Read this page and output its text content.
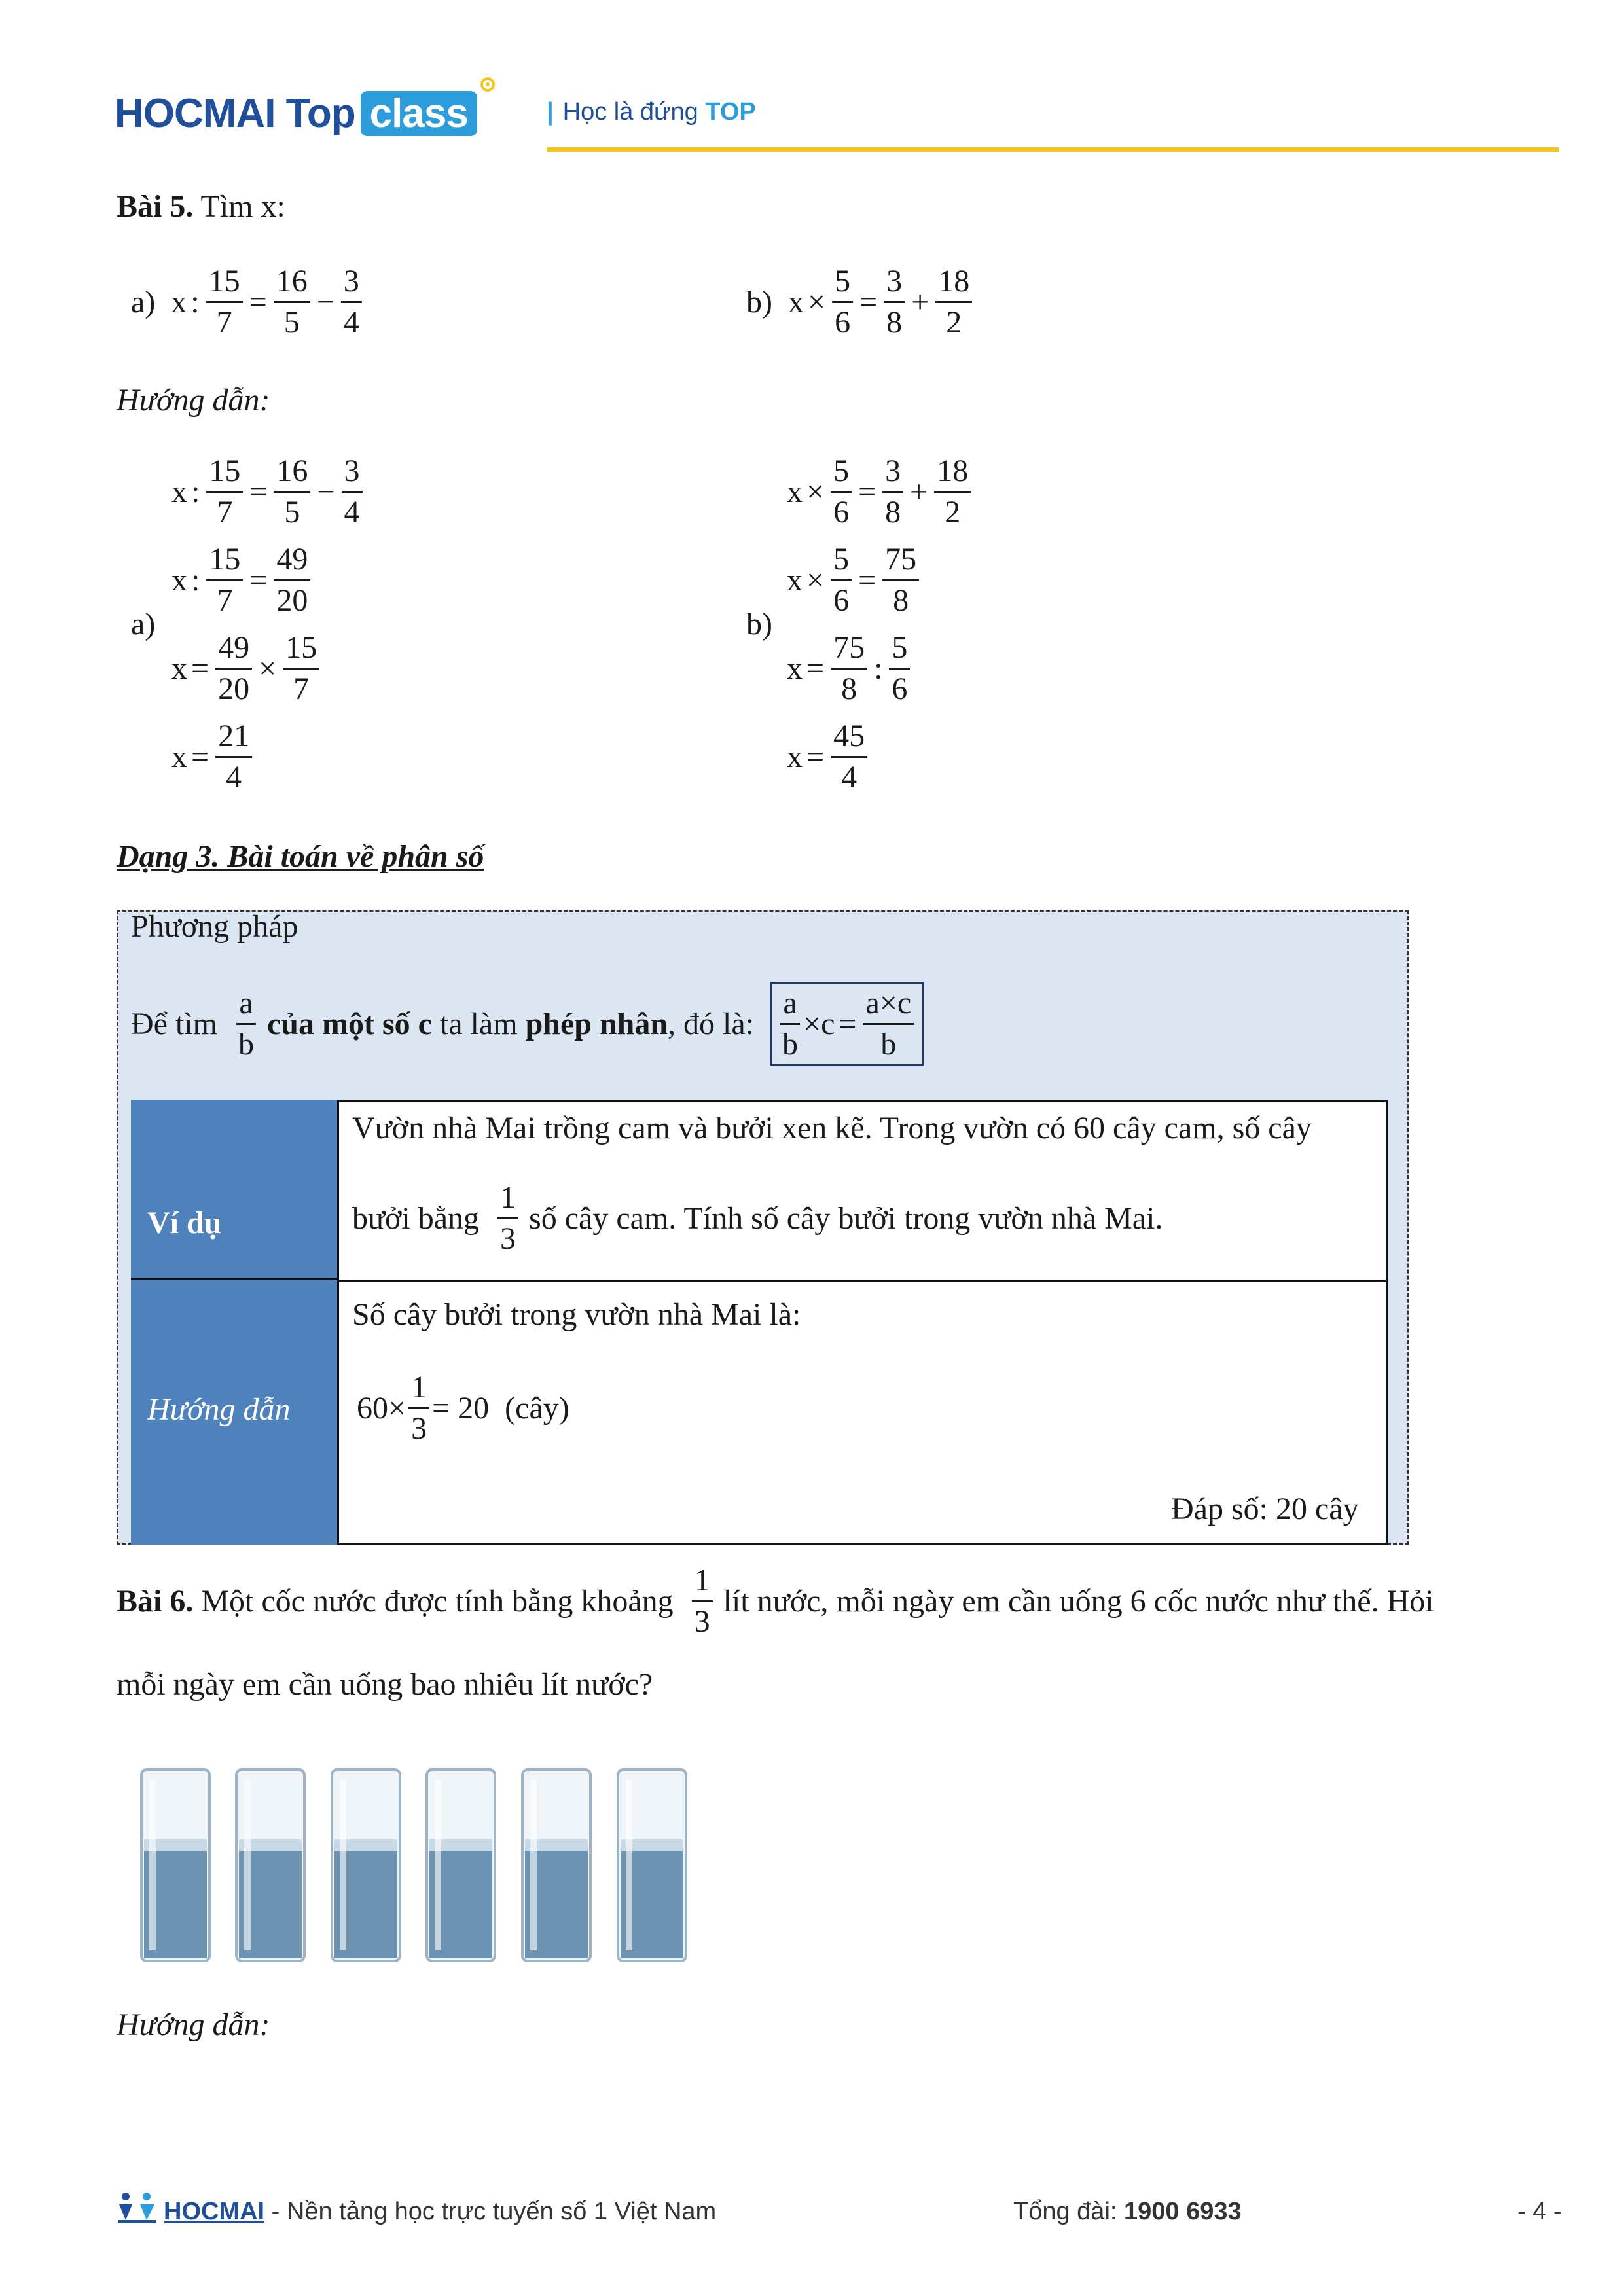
HOCMAI Top class	| Học là đứng TOP
Bài 5. Tìm x:
a)
x : $\frac{15}{7} = \frac{16}{5} - \frac{3}{4}$	b)
$x \times \frac{5}{6} = \frac{3}{8} + \frac{18}{2}$
Hướng dẫn:
a)
x : $\frac{15}{7} = \frac{16}{5} - \frac{3}{4}$
x : $\frac{15}{7} = \frac{49}{20}$
$x = \frac{49}{20} \times \frac{15}{7}$
$x = \frac{21}{4}$
b)
$x \times \frac{5}{6} = \frac{3}{8} + \frac{18}{2}$
$x \times \frac{5}{6} = \frac{75}{8}$
$x = \frac{75}{8}$ : $\frac{5}{6}$
$x = \frac{45}{4}$
Dạng 3. Bài toán về phân số
Phương pháp
Để tìm
$\frac{a}{b}$
của một số c
ta làm
phép nhân , đó là:
$\frac{a}{b} \times c = \frac{a\times c}{b}$
Ví dụ
Vườn nhà Mai trồng cam và bưởi xen kẽ. Trong vườn có 60 cây cam, số cây
bưởi bằng
$\frac{1}{3}$
số cây cam. Tính số cây bưởi trong vườn nhà Mai.
Hướng dẫn
Số cây bưởi trong vườn nhà Mai là:
$60\times \frac{1}{3} = 20$  (cây)
Đáp số: 20 cây
Bài 6.
Một cốc nước được tính bằng khoảng
$\frac{1}{3}$
lít nước, mỗi ngày em cần uống 6 cốc nước như thế. Hỏi
mỗi ngày em cần uống bao nhiêu lít nước?
Hướng dẫn:
HOCMAI - Nền tảng học trực tuyến số 1 Việt Nam	Tổng đài: 1900 6933	- 4 -
